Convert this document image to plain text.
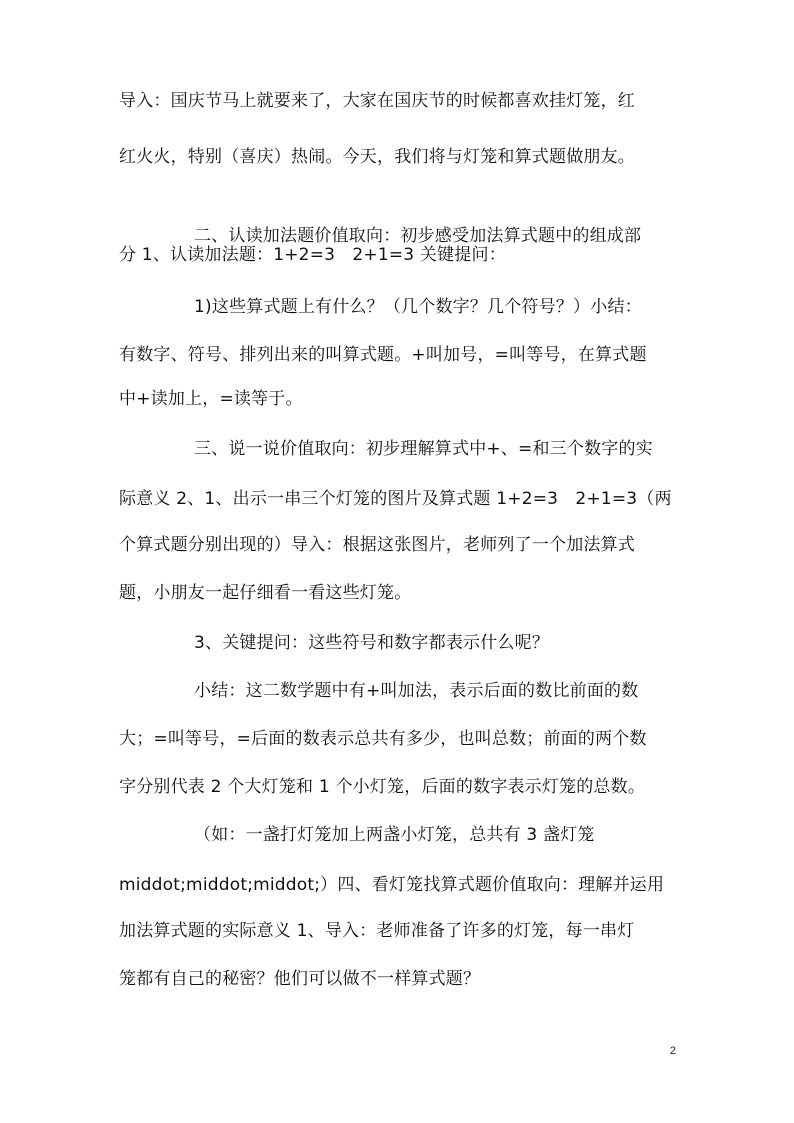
导入：国庆节马上就要来了，大家在国庆节的时候都喜欢挂灯笼，红
红火火，特别（喜庆）热闹。今天，我们将与灯笼和算式题做朋友。
二、认读加法题价值取向：初步感受加法算式题中的组成部
分 1、认读加法题：1+2=3　2+1=3 关键提问：
1)这些算式题上有什么？（几个数字？几个符号？）小结：
有数字、符号、排列出来的叫算式题。+叫加号，=叫等号，在算式题
中+读加上，=读等于。
三、说一说价值取向：初步理解算式中+、=和三个数字的实
际意义 2、1、出示一串三个灯笼的图片及算式题 1+2=3　2+1=3（两
个算式题分别出现的）导入：根据这张图片，老师列了一个加法算式
题，小朋友一起仔细看一看这些灯笼。
3、关键提问：这些符号和数字都表示什么呢？
小结：这二数学题中有+叫加法，表示后面的数比前面的数
大；=叫等号，=后面的数表示总共有多少，也叫总数；前面的两个数
字分别代表 2 个大灯笼和 1 个小灯笼，后面的数字表示灯笼的总数。
（如：一盏打灯笼加上两盏小灯笼，总共有 3 盏灯笼
middot;middot;middot;）四、看灯笼找算式题价值取向：理解并运用
加法算式题的实际意义 1、导入：老师准备了许多的灯笼，每一串灯
笼都有自己的秘密？他们可以做不一样算式题？
2
